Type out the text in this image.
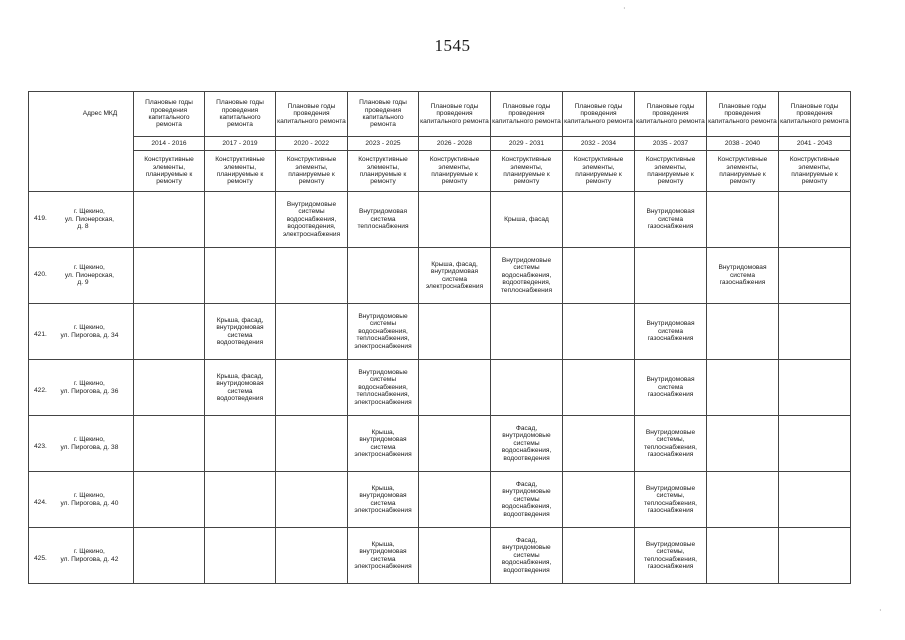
1545
·
·
Адрес МКД	Плановые годы проведения капитального ремонта	Плановые годы проведения капитального ремонта	Плановые годы проведения капитального ремонта	Плановые годы проведения капитального ремонта	Плановые годы проведения капитального ремонта	Плановые годы проведения капитального ремонта	Плановые годы проведения капитального ремонта	Плановые годы проведения капитального ремонта	Плановые годы проведения капитального ремонта	Плановые годы проведения капитального ремонта
	2014 - 2016	2017 - 2019	2020 - 2022	2023 - 2025	2026 - 2028	2029 - 2031	2032 - 2034	2035 - 2037	2038 - 2040	2041 - 2043
	Конструктивные элементы, планируемые к ремонту	Конструктивные элементы, планируемые к ремонту	Конструктивные элементы, планируемые к ремонту	Конструктивные элементы, планируемые к ремонту	Конструктивные элементы, планируемые к ремонту	Конструктивные элементы, планируемые к ремонту	Конструктивные элементы, планируемые к ремонту	Конструктивные элементы, планируемые к ремонту	Конструктивные элементы, планируемые к ремонту	Конструктивные элементы, планируемые к ремонту

419.
г. Щекино,
ул. Пионерская,
д. 8			Внутридомовые
системы
водоснабжения,
водоотведения,
электроснабжения	Внутридомовая
система
теплоснабжения		Крыша, фасад		Внутридомовая
система
газоснабжения		

420.
г. Щекино,
ул. Пионерская,
д. 9					Крыша, фасад,
внутридомовая
система
электроснабжения	Внутридомовые
системы
водоснабжения,
водоотведения,
теплоснабжения			Внутридомовая
система
газоснабжения	

421.
г. Щекино,
ул. Пирогова, д. 34		Крыша, фасад,
внутридомовая
система
водоотведения		Внутридомовые
системы
водоснабжения,
теплоснабжения,
электроснабжения				Внутридомовая
система
газоснабжения		

422.
г. Щекино,
ул. Пирогова, д. 36		Крыша, фасад,
внутридомовая
система
водоотведения		Внутридомовые
системы
водоснабжения,
теплоснабжения,
электроснабжения				Внутридомовая
система
газоснабжения		

423.
г. Щекино,
ул. Пирогова, д. 38				Крыша,
внутридомовая
система
электроснабжения		Фасад,
внутридомовые
системы
водоснабжения,
водоотведения		Внутридомовые
системы,
теплоснабжения,
газоснабжения		

424.
г. Щекино,
ул. Пирогова, д. 40				Крыша,
внутридомовая
система
электроснабжения		Фасад,
внутридомовые
системы
водоснабжения,
водоотведения		Внутридомовые
системы,
теплоснабжения,
газоснабжения		

425.
г. Щекино,
ул. Пирогова, д. 42				Крыша,
внутридомовая
система
электроснабжения		Фасад,
внутридомовые
системы
водоснабжения,
водоотведения		Внутридомовые
системы,
теплоснабжения,
газоснабжения		
